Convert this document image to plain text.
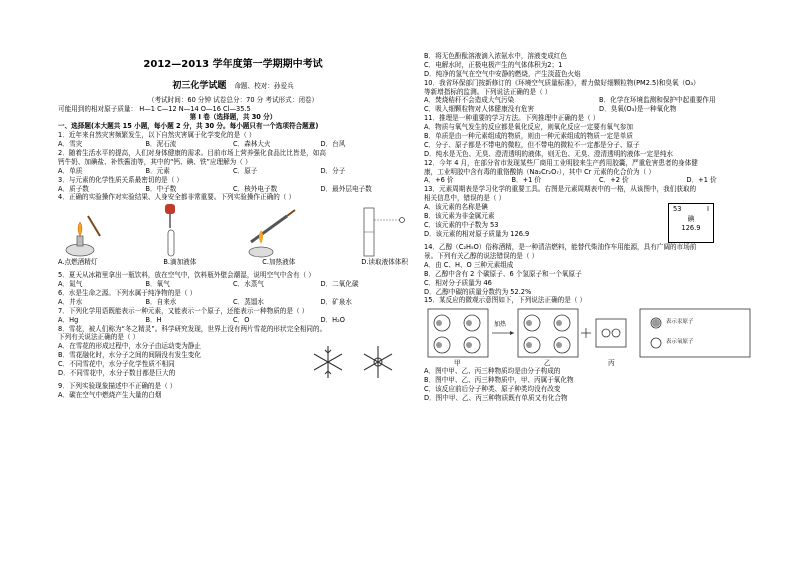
2012—2013 学年度第一学期期中考试
初三化学试题 命题、校对：孙爱兵
（考试时间：60 分钟 试卷总分：70 分 考试形式：闭卷）
可能用到的相对原子质量： H—1 C—12 N—14 O—16 Cl—35.5
第 Ⅰ 卷（选择题，共 30 分）
一、选择题(本大题共 15 小题，每小题 2 分，共 30 分。每小题只有一个选项符合题意)
1．近年来自然灾害频繁发生，以下自然灾害属于化学变化的是（ ）
A．雪灾	B．泥石流	C．森林大火	D．台风
2．随着生活水平的提高，人们对身体健康的需求。目前市场上营养强化食品比比皆是，如高
钙牛奶、加碘盐、补铁酱油等，其中的“钙、碘、铁”应理解为（ ）
A．单质	B．元素	C．原子	D．分子
3．与元素的化学性质关系最密切的是（ ）
A．质子数	B．中子数	C．核外电子数	D．最外层电子数
4．正确的实验操作对实验结果、人身安全都非常重要。下列实验操作正确的（ ）
A.点燃酒精灯	B.滴加液体	C.加热液体	D.读取液体体积
5．夏天从冰箱里拿出一瓶饮料，放在空气中，饮料瓶外壁会潮湿，说明空气中含有（ ）
A．氮气	B．氧气	C．水蒸气	D．二氧化碳
6．水是生命之源。下列水属于纯净物的是（ ）
A．井水	B．自来水	C．蒸馏水	D．矿泉水
7．下列化学用语既能表示一种元素，又能表示一个原子，还能表示一种物质的是（ ）
A．Hg	B．H	C．O	D．H₂O
8．雪花，被人们称为“冬之精灵”。科学研究发现，世界上没有两片雪花的形状完全相同的。
下列有关说法正确的是（ ）
A．在雪花的形成过程中，水分子由运动变为静止
B．雪花融化时，水分子之间的间隔没有发生变化
C．不同雪花中，水分子化学性质不相同
D．不同雪花中，水分子数目都是巨大的
9．下列实验现象描述中不正确的是（ ）
A．碳在空气中燃烧产生大量的白烟
B．将无色酚酞溶液滴入浓氨水中，溶液变成红色
C．电解水时，正极电极产生的气体体积为2；1
D．纯净的氢气在空气中安静的燃烧，产生淡蓝色火焰
10．我省环保部门按新修订的《环境空气质量标准》，着力做好细颗粒物(PM2.5)和臭氧（O₃）
等新增指标的监测。下列说法正确的是（ ）
A．焚烧秸秆不会造成大气污染	B．化学在环境监测和保护中起重要作用
C．吸入细颗粒物对人体健康没有危害	D．臭氧(O₃)是一种氧化物
11．推理是一种重要的学习方法。下列推理中正确的是（ ）
A．物质与氧气发生的反应都是氧化反应，则氧化反应一定要有氧气参加
B．单质是由一种元素组成的物质，则由一种元素组成的物质一定是单质
C．分子、原子都是不带电的微粒，但不带电的微粒不一定都是分子、原子
D．纯水是无色、无臭、澄清透明的液体，则无色、无臭、澄清透明的液体一定是纯水
12．今年 4 月，在部分省市发现某些厂商用工业明胶来生产药用胶囊，严重危害患者的身体健
康，工业明胶中含有毒的重铬酸钠（Na₂Cr₂O₇），其中 Cr 元素的化合价为（ ）
A．+6 价	B．+1 价	C．+2 价	D．+1 价
13．元素周期表是学习化学的重要工具。右图是元素周期表中的一格，从该图中，我们获取的
相关信息中，错误的是（ ）
A．该元素的名称是碘
B．该元素为非金属元素
C．该元素的中子数为 53
D．该元素的相对原子质量为 126.9
53	I
碘
126.9
14．乙醇（C₂H₅O）俗称酒精，是一种清洁燃料，能替代柴油作车用能源，具有广阔的市场前
景。下列有关乙醇的说法错误的是（ ）
A．由 C、H、O 三种元素组成
B．乙醇中含有 2 个碳原子、6 个氢原子和一个氧原子
C．相对分子质量为 46
D．乙醇中碳的质量分数约为 52.2%
15．某反应的微观示意图如下，下列说法正确的是（ ）
加热	表示汞原子
表示氧原子
甲	乙	丙
A．图中甲、乙、丙三种物质均是由分子构成的
B．图中甲、乙、丙三种物质中，甲、丙属于氧化物
C．该反应前后分子种类、原子种类均没有改变
D．图中甲、乙、丙三种物质既有单质又有化合物
